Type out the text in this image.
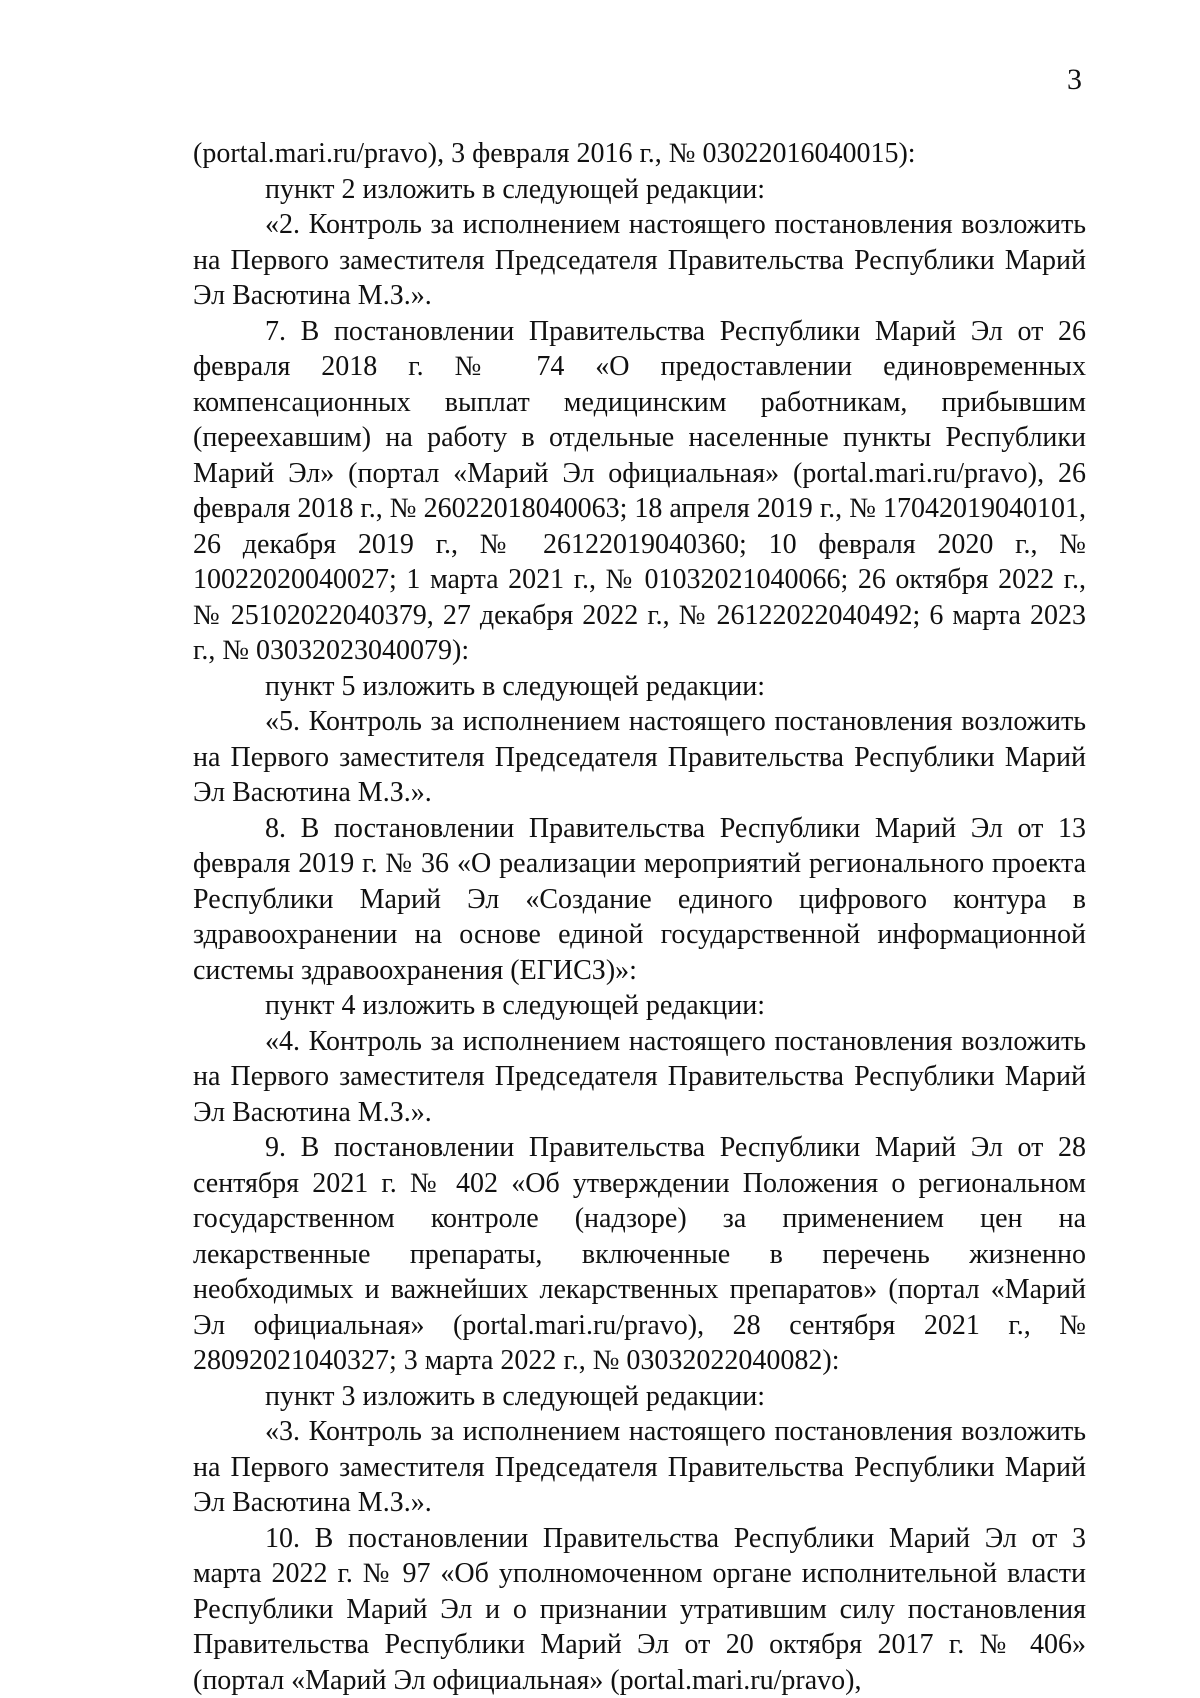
3

(portal.mari.ru/pravo), 3 февраля 2016 г., № 03022016040015):

пункт 2 изложить в следующей редакции:

«2. Контроль за исполнением настоящего постановления возложить на Первого заместителя Председателя Правительства Республики Марий Эл Васютина М.З.».

7. В постановлении Правительства Республики Марий Эл от 26 февраля 2018 г. № 74 «О предоставлении единовременных компенсационных выплат медицинским работникам, прибывшим (переехавшим) на работу в отдельные населенные пункты Республики Марий Эл» (портал «Марий Эл официальная» (portal.mari.ru/pravo), 26 февраля 2018 г., № 26022018040063; 18 апреля 2019 г., № 17042019040101, 26 декабря 2019 г., № 26122019040360; 10 февраля 2020 г., № 10022020040027; 1 марта 2021 г., № 01032021040066; 26 октября 2022 г., № 25102022040379, 27 декабря 2022 г., № 26122022040492; 6 марта 2023 г., № 03032023040079):

пункт 5 изложить в следующей редакции:

«5. Контроль за исполнением настоящего постановления возложить на Первого заместителя Председателя Правительства Республики Марий Эл Васютина М.З.».

8. В постановлении Правительства Республики Марий Эл от 13 февраля 2019 г. № 36 «О реализации мероприятий регионального проекта Республики Марий Эл «Создание единого цифрового контура в здравоохранении на основе единой государственной информационной системы здравоохранения (ЕГИСЗ)»:

пункт 4 изложить в следующей редакции:

«4. Контроль за исполнением настоящего постановления возложить на Первого заместителя Председателя Правительства Республики Марий Эл Васютина М.З.».

9. В постановлении Правительства Республики Марий Эл от 28 сентября 2021 г. № 402 «Об утверждении Положения о региональном государственном контроле (надзоре) за применением цен на лекарственные препараты, включенные в перечень жизненно необходимых и важнейших лекарственных препаратов» (портал «Марий Эл официальная» (portal.mari.ru/pravo), 28 сентября 2021 г., № 28092021040327; 3 марта 2022 г., № 03032022040082):

пункт 3 изложить в следующей редакции:

«3. Контроль за исполнением настоящего постановления возложить на Первого заместителя Председателя Правительства Республики Марий Эл Васютина М.З.».

10. В постановлении Правительства Республики Марий Эл от 3 марта 2022 г. № 97 «Об уполномоченном органе исполнительной власти Республики Марий Эл и о признании утратившим силу постановления Правительства Республики Марий Эл от 20 октября 2017 г. № 406» (портал «Марий Эл официальная» (portal.mari.ru/pravo),
